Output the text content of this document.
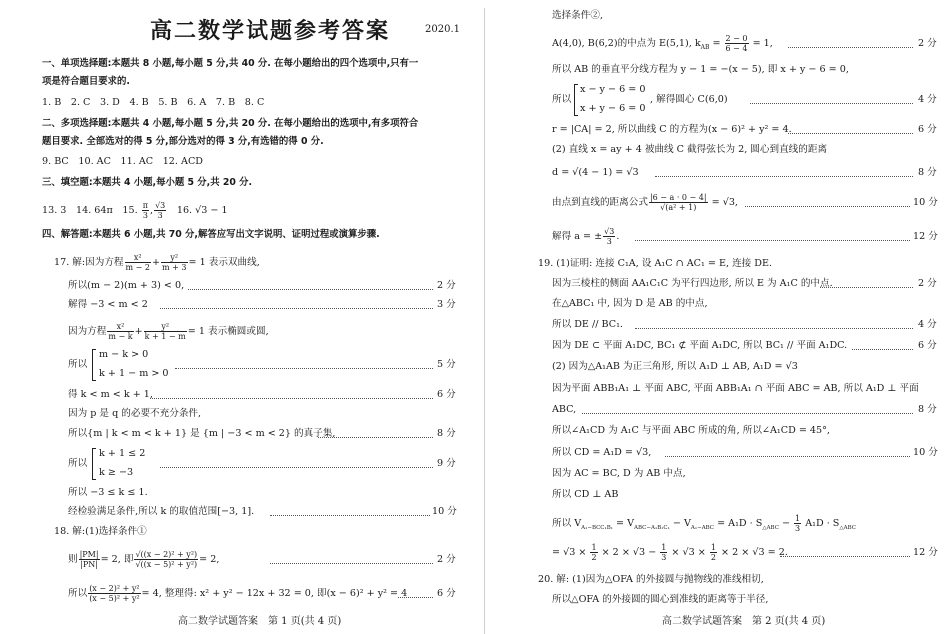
高二数学试题参考答案	2020.1
一、单项选择题:本题共 8 小题,每小题 5 分,共 40 分. 在每小题给出的四个选项中,只有一
项是符合题目要求的.
1. B　2. C　3. D　4. B　5. B　6. A　7. B　8. C
二、多项选择题:本题共 4 小题,每小题 5 分,共 20 分. 在每小题给出的选项中,有多项符合
题目要求. 全部选对的得 5 分,部分选对的得 3 分,有选错的得 0 分.
9. BC　10. AC　11. AC　12. ACD
三、填空题:本题共 4 小题,每小题 5 分,共 20 分.
13. 3　14. 64π　15. $\frac{\pi}{3}$ , $\frac{√3}{3}$ 　16. √3 − 1
四、解答题:本题共 6 小题,共 70 分,解答应写出文字说明、证明过程或演算步骤.
17. 解:因为方程 $\frac{\text{x²}}{m - 2} + \frac{\text{y²}}{m + 3} = 1$ 表示双曲线,
所以(m − 2)(m + 3) < 0,	2 分
解得 −3 < m < 2	3 分
因为方程 $\frac{\text{x²}}{m - k} + \frac{\text{y²}}{k + 1 - m} = 1$ 表示椭圆或圆,
所以
m − k > 0
k + 1 − m > 0
5 分
得 k < m < k + 1,	6 分
因为 p 是 q 的必要不充分条件,
所以{m | k < m < k + 1} 是 {m | −3 < m < 2} 的真子集,	8 分
所以
k + 1 ≤ 2
k ≥ −3
9 分
所以 −3 ≤ k ≤ 1.
经检验满足条件,所以 k 的取值范围[−3, 1].	10 分
18. 解:(1)选择条件①
则 $\frac{|PM|}{|PN|} = 2$, 即 $\frac{\text{√((x − 2)² + y²)}}{\text{√((x − 5)² + y²)}} = 2$,	2 分
所以 $\frac{\text{(x − 2)² + y²}}{\text{(x − 5)² + y²}} = 4$, 整理得: x² + y² − 12x + 32 = 0, 即(x − 6)² + y² = 4	6 分
高二数学试题答案　第 1 页(共 4 页)
选择条件②,
A(4,0), B(6,2)的中点为 E(5,1), $k_{AB} = \frac{2 - 0}{6 - 4} = 1$,	2 分
所以 AB 的垂直平分线方程为 y − 1 = −(x − 5), 即 x + y − 6 = 0,
所以
x − y − 6 = 0
x + y − 6 = 0
, 解得圆心 C(6,0)	4 分
r = |CA| = 2, 所以曲线 C 的方程为(x − 6)² + y² = 4.	6 分
(2) 直线 x = ay + 4 被曲线 C 截得弦长为 2, 圆心到直线的距离
d = √(4 − 1) = √3	8 分
由点到直线的距离公式 $\frac{|6 - a \cdot 0 - 4|}{\text{√(a² + 1)}} = √3$,	10 分
解得 a = ± $\frac{√3}{3}$ .	12 分
19. (1)证明: 连接 C₁A, 设 A₁C ∩ AC₁ = E, 连接 DE.
因为三棱柱的侧面 AA₁C₁C 为平行四边形, 所以 E 为 A₁C 的中点.	2 分
在△ABC₁ 中, 因为 D 是 AB 的中点,
所以 DE // BC₁.	4 分
因为 DE ⊂ 平面 A₁DC, BC₁ ⊄ 平面 A₁DC, 所以 BC₁ // 平面 A₁DC.	6 分
(2) 因为△A₁AB 为正三角形, 所以 A₁D ⊥ AB, A₁D = √3
因为平面 ABB₁A₁ ⊥ 平面 ABC, 平面 ABB₁A₁ ∩ 平面 ABC = AB, 所以 A₁D ⊥ 平面
ABC,	8 分
所以∠A₁CD 为 A₁C 与平面 ABC 所成的角, 所以∠A₁CD = 45°,
所以 CD = A₁D = √3,	10 分
因为 AC = BC, D 为 AB 中点,
所以 CD ⊥ AB
所以 $V_{A_1-BCC_1B_1} = V_{ABC-A_1B_1C_1} - V_{A_1-ABC} = A_1D \cdot S_{\triangle ABC} - \frac{1}{3} A_1D \cdot S_{\triangle ABC}$
= $√3 \times \frac{1}{2} \times 2 \times √3 - \frac{1}{3} \times √3 \times \frac{1}{2} \times 2 \times √3 = 2$.	12 分
20. 解: (1)因为△OFA 的外接圆与抛物线的准线相切,
所以△OFA 的外接圆的圆心到准线的距离等于半径,
高二数学试题答案　第 2 页(共 4 页)
